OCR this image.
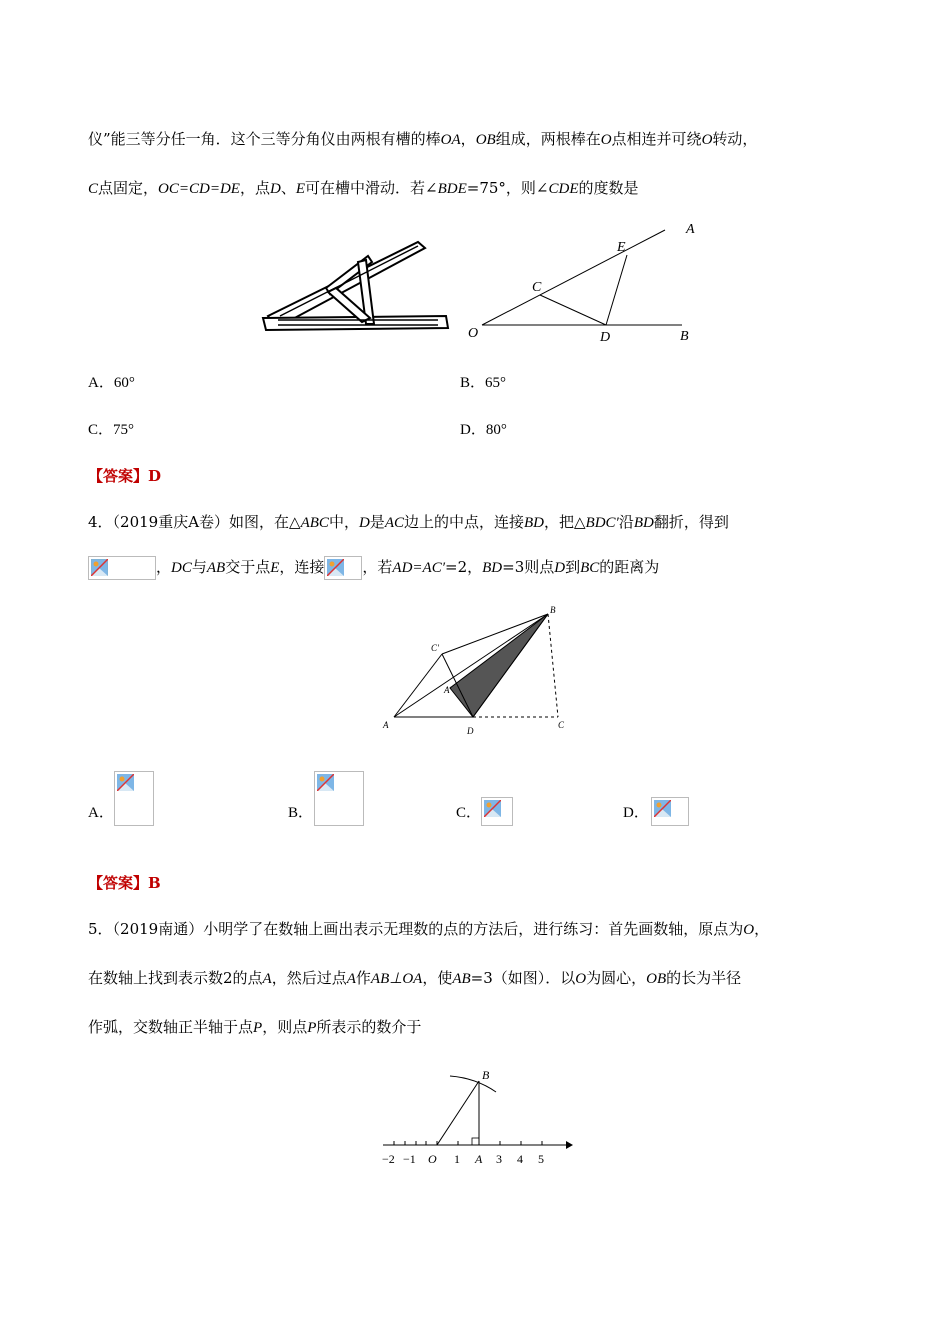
仪”能三等分任一角．这个三等分角仪由两根有槽的棒OA，OB组成，两根棒在O点相连并可绕O转动，
C点固定，OC=CD=DE，点D、E可在槽中滑动．若∠BDE=75°，则∠CDE的度数是
O	D	B
C
E
A
A．60°	B．65°
C．75°	D．80°
【答案】D
4．（2019重庆A卷）如图，在△ABC中，D是AC边上的中点，连接BD，把△BDC′沿BD翻折，得到
，DC与AB交于点E，连接	，若AD=AC′=2，BD=3则点D到BC的距离为
A
D
C
B
C′
A′
A．	B．	C．	D．
【答案】B
5．（2019南通）小明学了在数轴上画出表示无理数的点的方法后，进行练习：首先画数轴，原点为O，
在数轴上找到表示数2的点A，然后过点A作AB⊥OA，使AB=3（如图）．以O为圆心，OB的长为半径
作弧，交数轴正半轴于点P，则点P所表示的数介于
B
−2 −1 O 1 A 3 4 5
